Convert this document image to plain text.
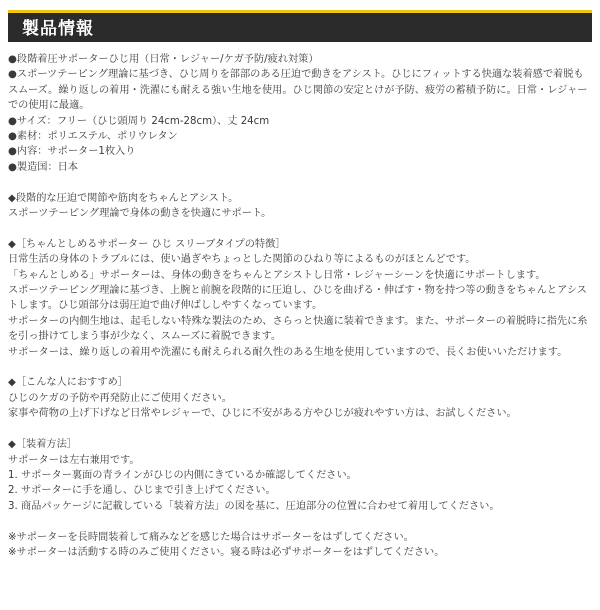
製品情報
●段階着圧サポーターひじ用（日常・レジャー/ケガ予防/疲れ対策）
●スポーツテーピング理論に基づき、ひじ周りを部部のある圧迫で動きをアシスト。ひじにフィットする快適な装着感で着脱もスムーズ。繰り返しの着用・洗濯にも耐える強い生地を使用。ひじ関節の安定とけが予防、疲労の蓄積予防に。日常・レジャーでの使用に最適。
●サイズ：フリー（ひじ頭周り 24cm-28cm）、丈 24cm
●素材：ポリエステル、ポリウレタン
●内容：サポーター1枚入り
●製造国：日本
◆段階的な圧迫で関節や筋肉をちゃんとアシスト。
スポーツテーピング理論で身体の動きを快適にサポート。
◆［ちゃんとしめるサポーター ひじ スリーブタイプの特徴］
日常生活の身体のトラブルには、使い過ぎやちょっとした関節のひねり等によるものがほとんどです。
「ちゃんとしめる」サポーターは、身体の動きをちゃんとアシストし日常・レジャーシーンを快適にサポートします。
スポーツテーピング理論に基づき、上腕と前腕を段階的に圧迫し、ひじを曲げる・伸ばす・物を持つ等の動きをちゃんとアシストします。ひじ頭部分は弱圧迫で曲げ伸ばししやすくなっています。
サポーターの内側生地は、起毛しない特殊な製法のため、さらっと快適に装着できます。また、サポーターの着脱時に指先に糸を引っ掛けてしまう事が少なく、スムーズに着脱できます。
サポーターは、繰り返しの着用や洗濯にも耐えられる耐久性のある生地を使用していますので、長くお使いいただけます。
◆［こんな人におすすめ］
ひじのケガの予防や再発防止にご使用ください。
家事や荷物の上げ下げなど日常やレジャーで、ひじに不安がある方やひじが疲れやすい方は、お試しください。
◆［装着方法］
サポーターは左右兼用です。
1. サポーター裏面の青ラインがひじの内側にきているか確認してください。
2. サポーターに手を通し、ひじまで引き上げてください。
3. 商品パッケージに記載している「装着方法」の図を基に、圧迫部分の位置に合わせて着用してください。
※サポーターを長時間装着して痛みなどを感じた場合はサポーターをはずしてください。
※サポーターは活動する時のみご使用ください。寝る時は必ずサポーターをはずしてください。
